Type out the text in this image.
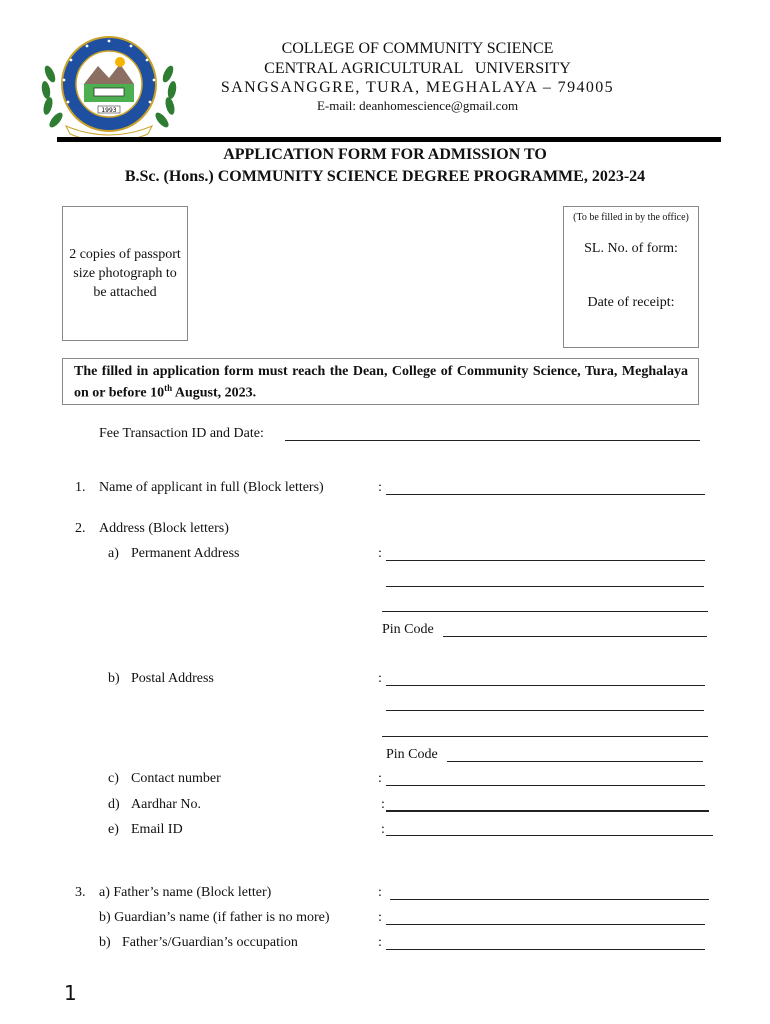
1993
COLLEGE OF COMMUNITY SCIENCE
CENTRAL AGRICULTURAL   UNIVERSITY
SANGSANGGRE, TURA, MEGHALAYA – 794005
E-mail: deanhomescience@gmail.com
APPLICATION FORM FOR ADMISSION TO
B.Sc. (Hons.) COMMUNITY SCIENCE DEGREE PROGRAMME, 2023-24
2 copies of passport size photograph to be attached
(To be filled in by the office)
SL. No. of form:
Date of receipt:
The filled in application form must reach the Dean, College of Community Science, Tura, Meghalaya on or before 10th August, 2023.
Fee Transaction ID and Date:
1. Name of applicant in full (Block letters)	:
2. Address (Block letters)
a) Permanent Address	:
Pin Code
b) Postal Address	:
Pin Code
c) Contact number	:
d) Aardhar No.	:
e) Email ID	:
3. a) Father’s name (Block letter)	:
b) Guardian’s name (if father is no more)	:
b) Father’s/Guardian’s occupation	:
1
